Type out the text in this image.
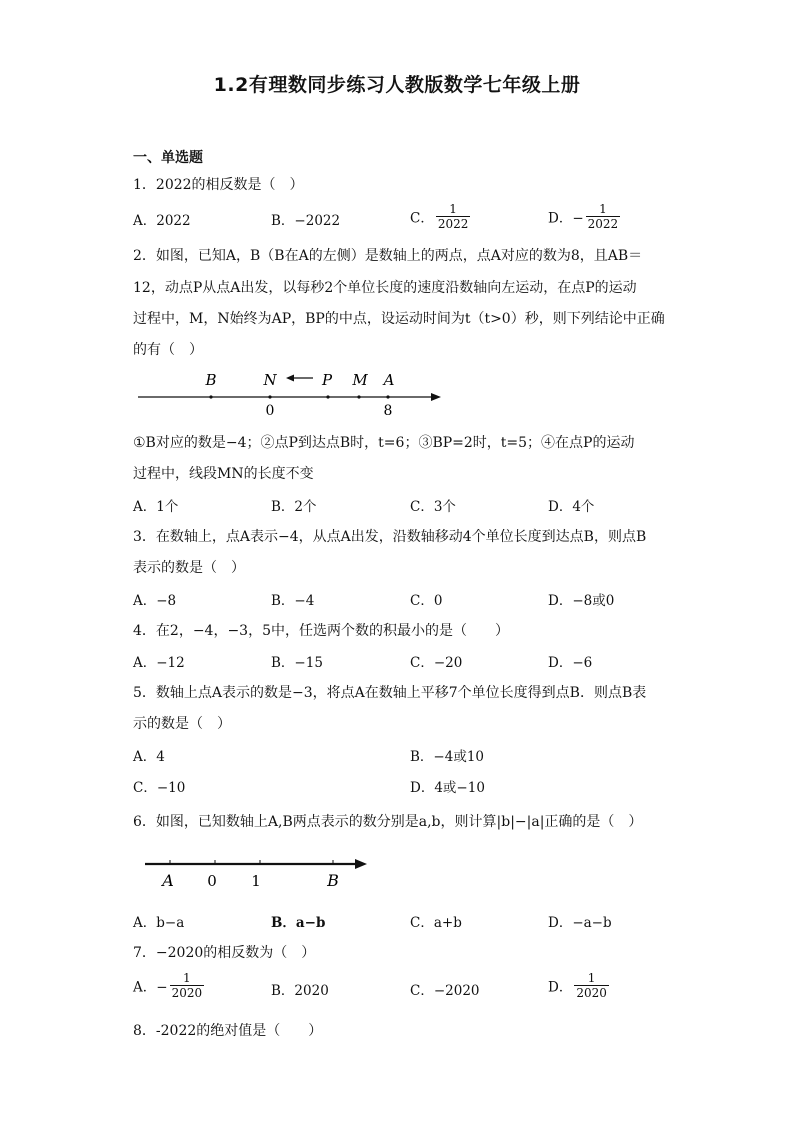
1.2有理数同步练习人教版数学七年级上册
一、单选题
1．2022的相反数是（　）
A．2022	B．−2022	C． $\frac{1}{2022}$	D．− $\frac{1}{2022}$
2．如图，已知A，B（B在A的左侧）是数轴上的两点，点A对应的数为8，且AB＝
12，动点P从点A出发，以每秒2个单位长度的速度沿数轴向左运动，在点P的运动
过程中，M，N始终为AP，BP的中点，设运动时间为t（t>0）秒，则下列结论中正确
的有（　）
B	N	P M A
0	8
①B对应的数是−4；②点P到达点B时，t=6；③BP=2时，t=5；④在点P的运动
过程中，线段MN的长度不变
A．1个	B．2个	C．3个	D．4个
3．在数轴上，点A表示−4，从点A出发，沿数轴移动4个单位长度到达点B，则点B
表示的数是（　）
A．−8	B．−4	C．0	D．−8或0
4．在2，−4，−3，5中，任选两个数的积最小的是（　　）
A．−12	B．−15	C．−20	D．−6
5．数轴上点A表示的数是−3，将点A在数轴上平移7个单位长度得到点B．则点B表
示的数是（　）
A．4	B．−4或10
C．−10	D．4或−10
6．如图，已知数轴上A,B两点表示的数分别是a,b，则计算|b|−|a|正确的是（　）
A 0 1	B
A．b−a	B．a−b	C．a+b	D．−a−b
7．−2020的相反数为（　）
A．− $\frac{1}{2020}$	B．2020	C．−2020	D． $\frac{1}{2020}$
8．-2022的绝对值是（　　）
